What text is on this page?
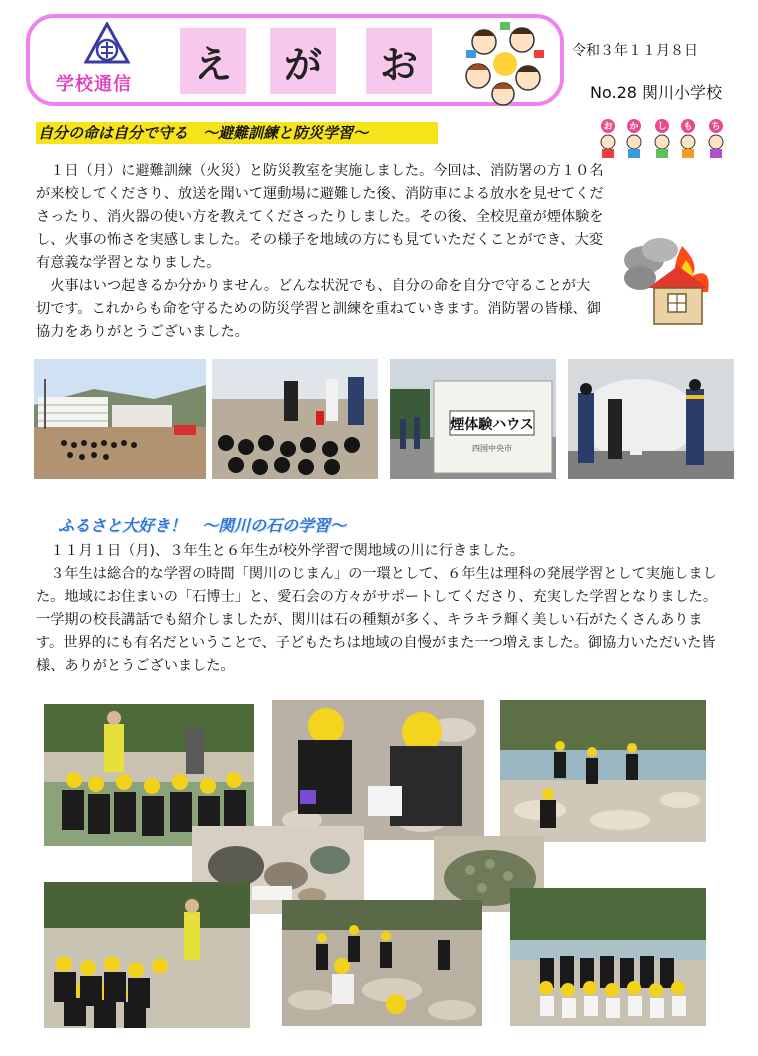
学校通信	え	が	お	令和３年１１月８日
No.28 関川小学校
自分の命は自分で守る　～避難訓練と防災学習～	お か し も ち

１日（月）に避難訓練（火災）と防災教室を実施しました。今回は、消防署の方１０名が来校してくださり、放送を聞いて運動場に避難した後、消防車による放水を見せてくださったり、消火器の使い方を教えてくださったりしました。その後、全校児童が煙体験をし、火事の怖さを実感しました。その様子を地域の方にも見ていただくことができ、大変有意義な学習となりました。

火事はいつ起きるか分かりません。どんな状況でも、自分の命を自分で守ることが大切です。これからも命を守るための防災学習と訓練を重ねていきます。消防署の皆様、御協力をありがとうございました。

煙体験ハウス
四国中央市
ふるさと大好き！　～関川の石の学習～

１１月１日（月)、３年生と６年生が校外学習で関地域の川に行きました。

３年生は総合的な学習の時間「関川のじまん」の一環として、６年生は理科の発展学習として実施しました。地域にお住まいの「石博士」と、愛石会の方々がサポートしてくださり、充実した学習となりました。一学期の校長講話でも紹介しましたが、関川は石の種類が多く、キラキラ輝く美しい石がたくさんあります。世界的にも有名だということで、子どもたちは地域の自慢がまた一つ増えました。御協力いただいた皆様、ありがとうございました。
